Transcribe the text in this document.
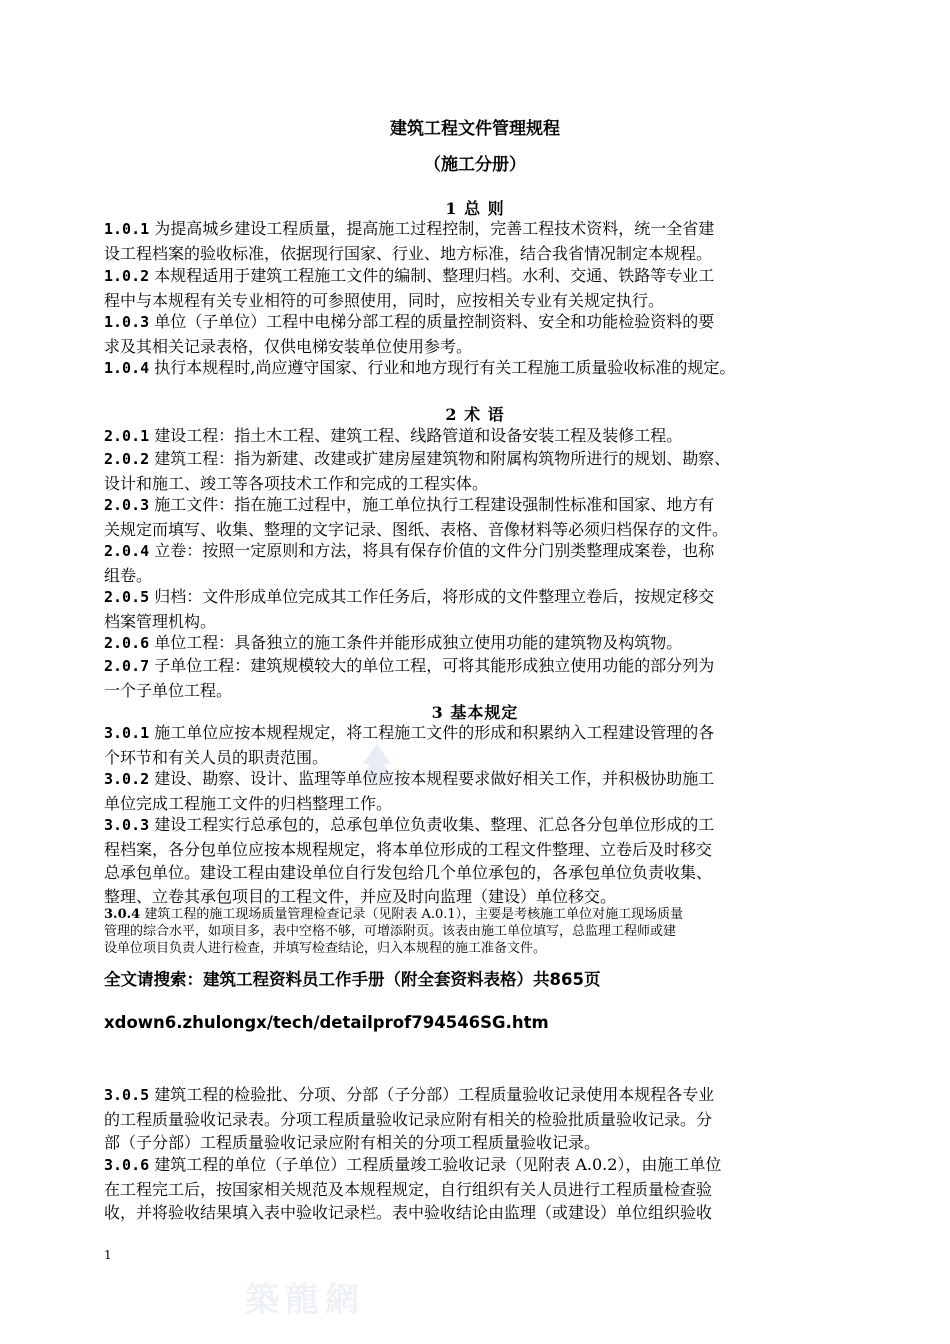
建筑工程文件管理规程
（施工分册）
1 总 则
1.0.1 为提高城乡建设工程质量，提高施工过程控制，完善工程技术资料，统一全省建
设工程档案的验收标准，依据现行国家、行业、地方标准，结合我省情况制定本规程。
1.0.2 本规程适用于建筑工程施工文件的编制、整理归档。水利、交通、铁路等专业工
程中与本规程有关专业相符的可参照使用，同时，应按相关专业有关规定执行。
1.0.3 单位（子单位）工程中电梯分部工程的质量控制资料、安全和功能检验资料的要
求及其相关记录表格，仅供电梯安装单位使用参考。
1.0.4 执行本规程时,尚应遵守国家、行业和地方现行有关工程施工质量验收标准的规定。
2 术 语
2.0.1 建设工程：指土木工程、建筑工程、线路管道和设备安装工程及装修工程。
2.0.2 建筑工程：指为新建、改建或扩建房屋建筑物和附属构筑物所进行的规划、勘察、
设计和施工、竣工等各项技术工作和完成的工程实体。
2.0.3 施工文件：指在施工过程中，施工单位执行工程建设强制性标准和国家、地方有
关规定而填写、收集、整理的文字记录、图纸、表格、音像材料等必须归档保存的文件。
2.0.4 立卷：按照一定原则和方法，将具有保存价值的文件分门别类整理成案卷，也称
组卷。
2.0.5 归档：文件形成单位完成其工作任务后，将形成的文件整理立卷后，按规定移交
档案管理机构。
2.0.6 单位工程：具备独立的施工条件并能形成独立使用功能的建筑物及构筑物。
2.0.7 子单位工程：建筑规模较大的单位工程，可将其能形成独立使用功能的部分列为
一个子单位工程。
3 基本规定
3.0.1 施工单位应按本规程规定，将工程施工文件的形成和积累纳入工程建设管理的各
个环节和有关人员的职责范围。
3.0.2 建设、勘察、设计、监理等单位应按本规程要求做好相关工作，并积极协助施工
单位完成工程施工文件的归档整理工作。
3.0.3 建设工程实行总承包的，总承包单位负责收集、整理、汇总各分包单位形成的工
程档案，各分包单位应按本规程规定，将本单位形成的工程文件整理、立卷后及时移交
总承包单位。建设工程由建设单位自行发包给几个单位承包的，各承包单位负责收集、
整理、立卷其承包项目的工程文件，并应及时向监理（建设）单位移交。
3.0.4 建筑工程的施工现场质量管理检查记录（见附表 A.0.1），主要是考核施工单位对施工现场质量
管理的综合水平，如项目多，表中空格不够，可增添附页。该表由施工单位填写，总监理工程师或建
设单位项目负责人进行检查，并填写检查结论，归入本规程的施工准备文件。
全文请搜索：建筑工程资料员工作手册（附全套资料表格）共865页
xdown6.zhulongx/tech/detailprof794546SG.htm
3.0.5 建筑工程的检验批、分项、分部（子分部）工程质量验收记录使用本规程各专业
的工程质量验收记录表。分项工程质量验收记录应附有相关的检验批质量验收记录。分
部（子分部）工程质量验收记录应附有相关的分项工程质量验收记录。
3.0.6 建筑工程的单位（子单位）工程质量竣工验收记录（见附表 A.0.2），由施工单位
在工程完工后，按国家相关规范及本规程规定，自行组织有关人员进行工程质量检查验
收，并将验收结果填入表中验收记录栏。表中验收结论由监理（或建设）单位组织验收
1
築龍網
